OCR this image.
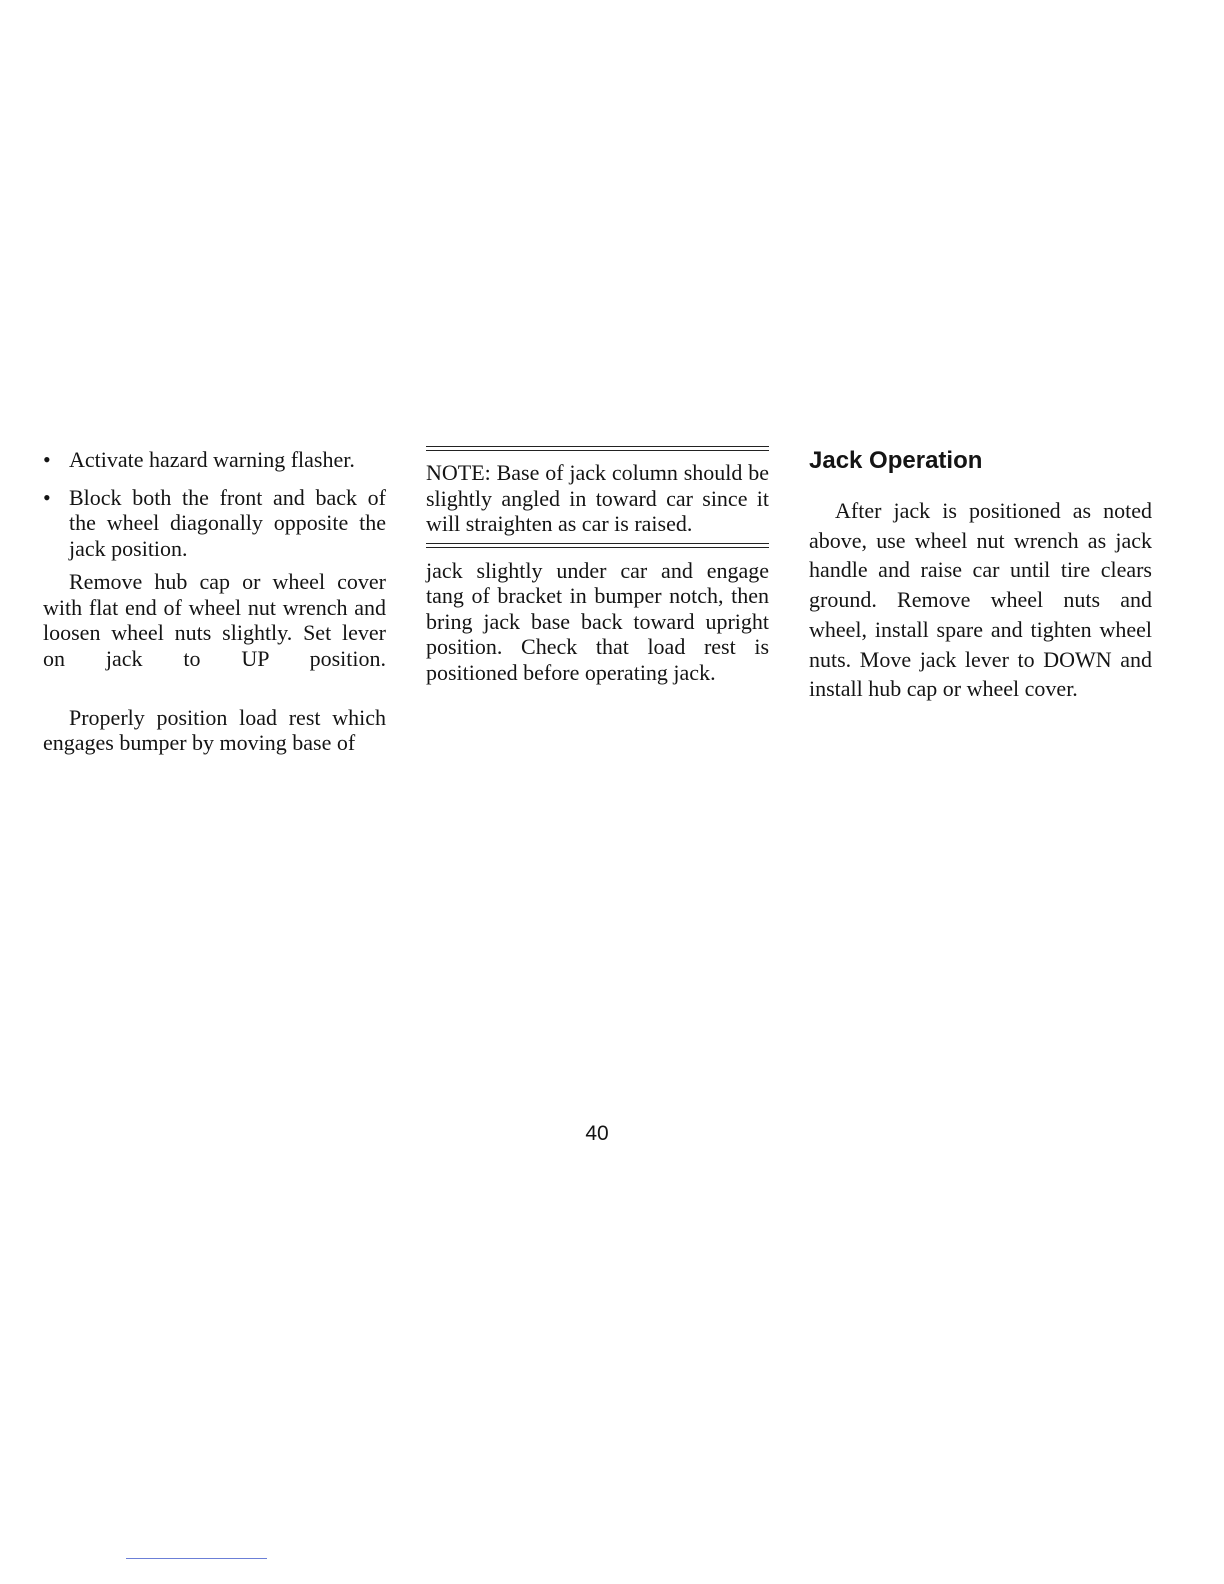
• Activate hazard warning flasher.

• Block both the front and back of the wheel diagonally opposite the jack position.

Remove hub cap or wheel cover with flat end of wheel nut wrench and loosen wheel nuts slightly. Set lever on jack to UP position.

Properly position load rest which engages bumper by moving base of

NOTE: Base of jack column should be slightly angled in toward car since it will straighten as car is raised.

jack slightly under car and engage tang of bracket in bumper notch, then bring jack base back toward upright position. Check that load rest is positioned before operating jack.

Jack Operation

After jack is positioned as noted above, use wheel nut wrench as jack handle and raise car until tire clears ground. Remove wheel nuts and wheel, install spare and tighten wheel nuts. Move jack lever to DOWN and install hub cap or wheel cover.

40
